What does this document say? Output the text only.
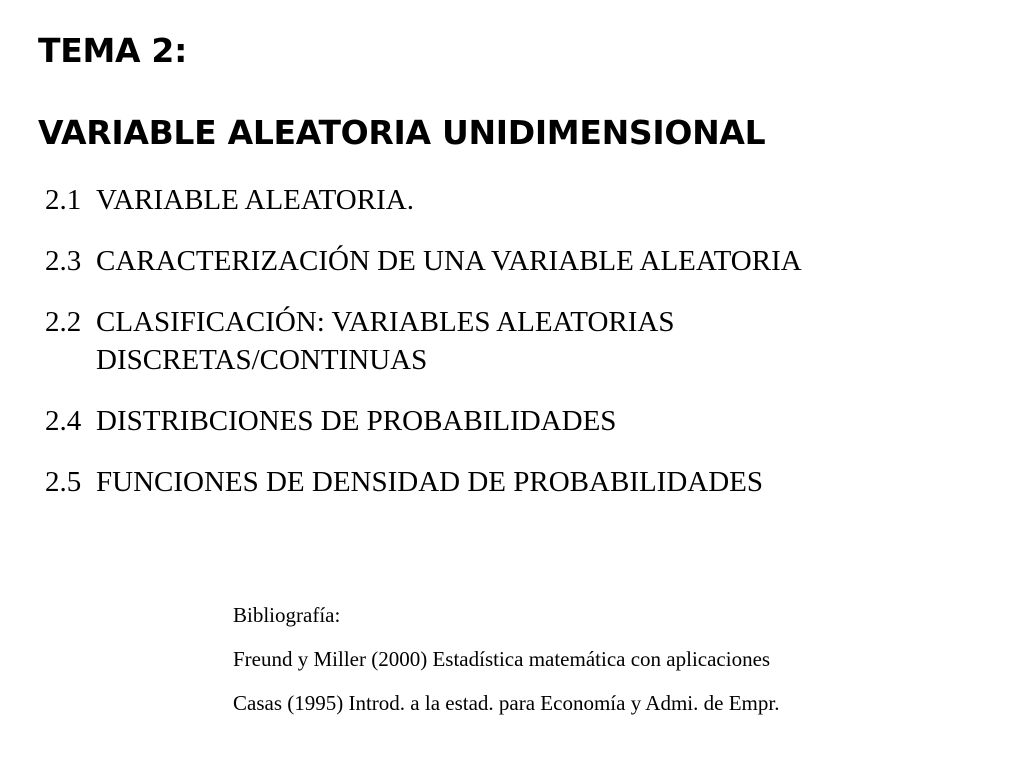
TEMA 2:
VARIABLE ALEATORIA UNIDIMENSIONAL
2.1 VARIABLE ALEATORIA.
2.3 CARACTERIZACIÓN DE UNA VARIABLE ALEATORIA
2.2 CLASIFICACIÓN: VARIABLES ALEATORIAS DISCRETAS/CONTINUAS
2.4 DISTRIBCIONES DE PROBABILIDADES
2.5 FUNCIONES DE DENSIDAD DE PROBABILIDADES
Bibliografía:
Freund y Miller (2000) Estadística matemática con aplicaciones
Casas (1995) Introd. a la estad. para Economía y Admi. de Empr.
